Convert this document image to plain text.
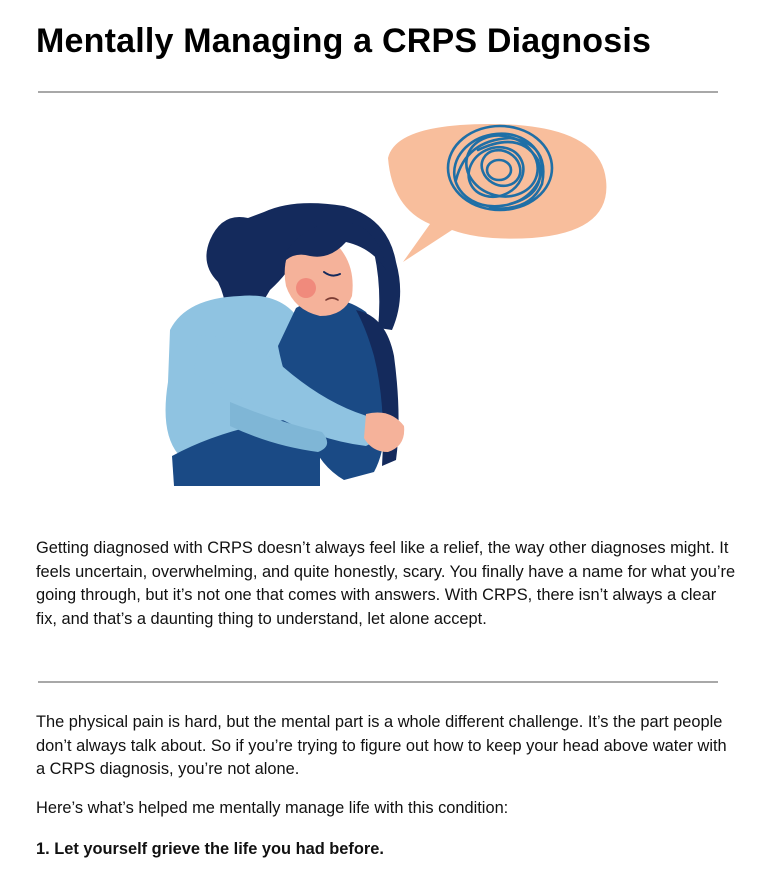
Mentally Managing a CRPS Diagnosis

Getting diagnosed with CRPS doesn’t always feel like a relief, the way other diagnoses might. It feels uncertain, overwhelming, and quite honestly, scary. You finally have a name for what you’re going through, but it’s not one that comes with answers. With CRPS, there isn’t always a clear fix, and that’s a daunting thing to understand, let alone accept.

The physical pain is hard, but the mental part is a whole different challenge. It’s the part people don’t always talk about. So if you’re trying to figure out how to keep your head above water with a CRPS diagnosis, you’re not alone.

Here’s what’s helped me mentally manage life with this condition:

1. Let yourself grieve the life you had before.
